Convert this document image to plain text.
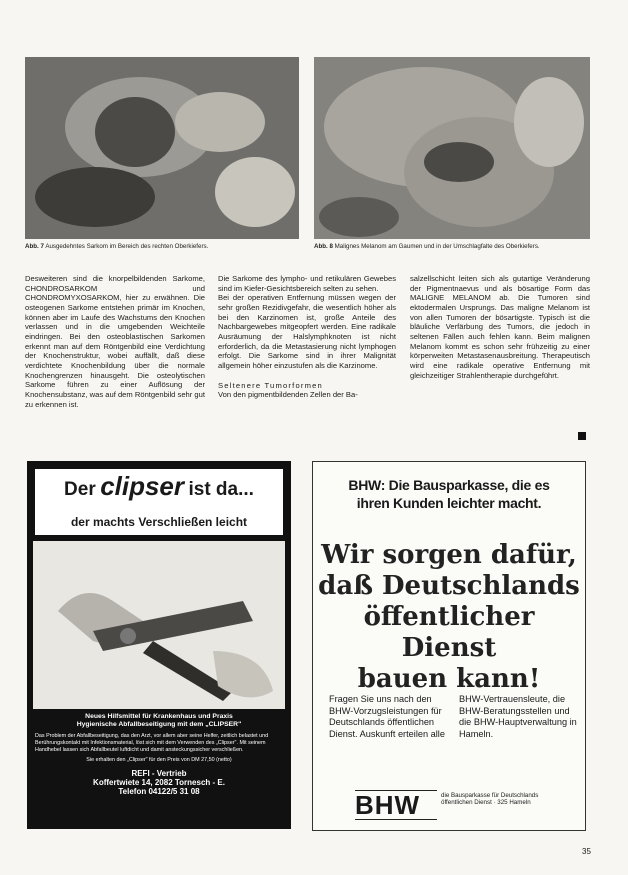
Abb. 7 Ausgedehntes Sarkom im Bereich des rechten Oberkiefers.	Abb. 8 Malignes Melanom am Gaumen und in der Umschlagfalte des Oberkiefers.

Desweiteren sind die knorpelbildenden Sarkome, CHONDROSARKOM und CHONDROMYXOSARKOM, hier zu erwähnen. Die osteogenen Sarkome entstehen primär im Knochen, können aber im Laufe des Wachstums den Knochen verlassen und in die umgebenden Weichteile eindringen. Bei den osteoblastischen Sarkomen erkennt man auf dem Röntgenbild eine Verdichtung der Knochenstruktur, wobei auffällt, daß diese verdichtete Knochenbildung über die normale Knochengrenzen hinausgeht. Die osteolytischen Sarkome führen zu einer Auflösung der Knochensubstanz, was auf dem Röntgenbild sehr gut zu erkennen ist.

Die Sarkome des lympho- und retikulären Gewebes sind im Kiefer-Gesichtsbereich selten zu sehen.
Bei der operativen Entfernung müssen wegen der sehr großen Rezidivgefahr, die wesentlich höher als bei den Karzinomen ist, große Anteile des Nachbargewebes mitgeopfert werden. Eine radikale Ausräumung der Halslymphknoten ist nicht erforderlich, da die Metastasierung nicht lymphogen erfolgt. Die Sarkome sind in ihrer Malignität allgemein höher einzustufen als die Karzinome.

Seltenere Tumorformen

Von den pigmentbildenden Zellen der Ba-

salzellschicht leiten sich als gutartige Veränderung der Pigmentnaevus und als bösartige Form das MALIGNE MELANOM ab. Die Tumoren sind ektodermalen Ursprungs. Das maligne Melanom ist von allen Tumoren der bösartigste. Typisch ist die bläuliche Verfärbung des Tumors, die jedoch in seltenen Fällen auch fehlen kann. Beim malignen Melanom kommt es schon sehr frühzeitig zu einer körperweiten Metastasenausbreitung. Therapeutisch wird eine radikale operative Entfernung mit gleichzeitiger Strahlentherapie durchgeführt.

Der clipser ist da...
der machts Verschließen leicht
Neues Hilfsmittel für Krankenhaus und Praxis
Hygienische Abfallbeseitigung mit dem „CLIPSER"
Das Problem der Abfallbeseitigung, das den Arzt, vor allem aber seine Helfer, zeitlich belastet und Berührungskontakt mit Infektionsmaterial, löst sich mit dem Verwenden des „Clipser". Mit seinem Handhebel lassen sich Abfallbeutel luftdicht und damit ansteckungssicher verschließen.
Sie erhalten den „Clipser" für den Preis von DM 27,50 (netto)
REFI - Vertrieb
Koffertwiete 14, 2082 Tornesch - E.
Telefon 04122/5 31 08
BHW: Die Bausparkasse, die es
ihren Kunden leichter macht.
Wir sorgen dafür,
daß Deutschlands
öffentlicher Dienst
bauen kann!
Fragen Sie uns nach den BHW-Vorzugsleistungen für Deutschlands öffentlichen Dienst. Auskunft erteilen alle
BHW-Vertrauensleute, die BHW-Beratungsstellen und die BHW-Hauptverwaltung in Hameln.
BHW	die Bausparkasse für Deutschlands öffentlichen Dienst · 325 Hameln
35
